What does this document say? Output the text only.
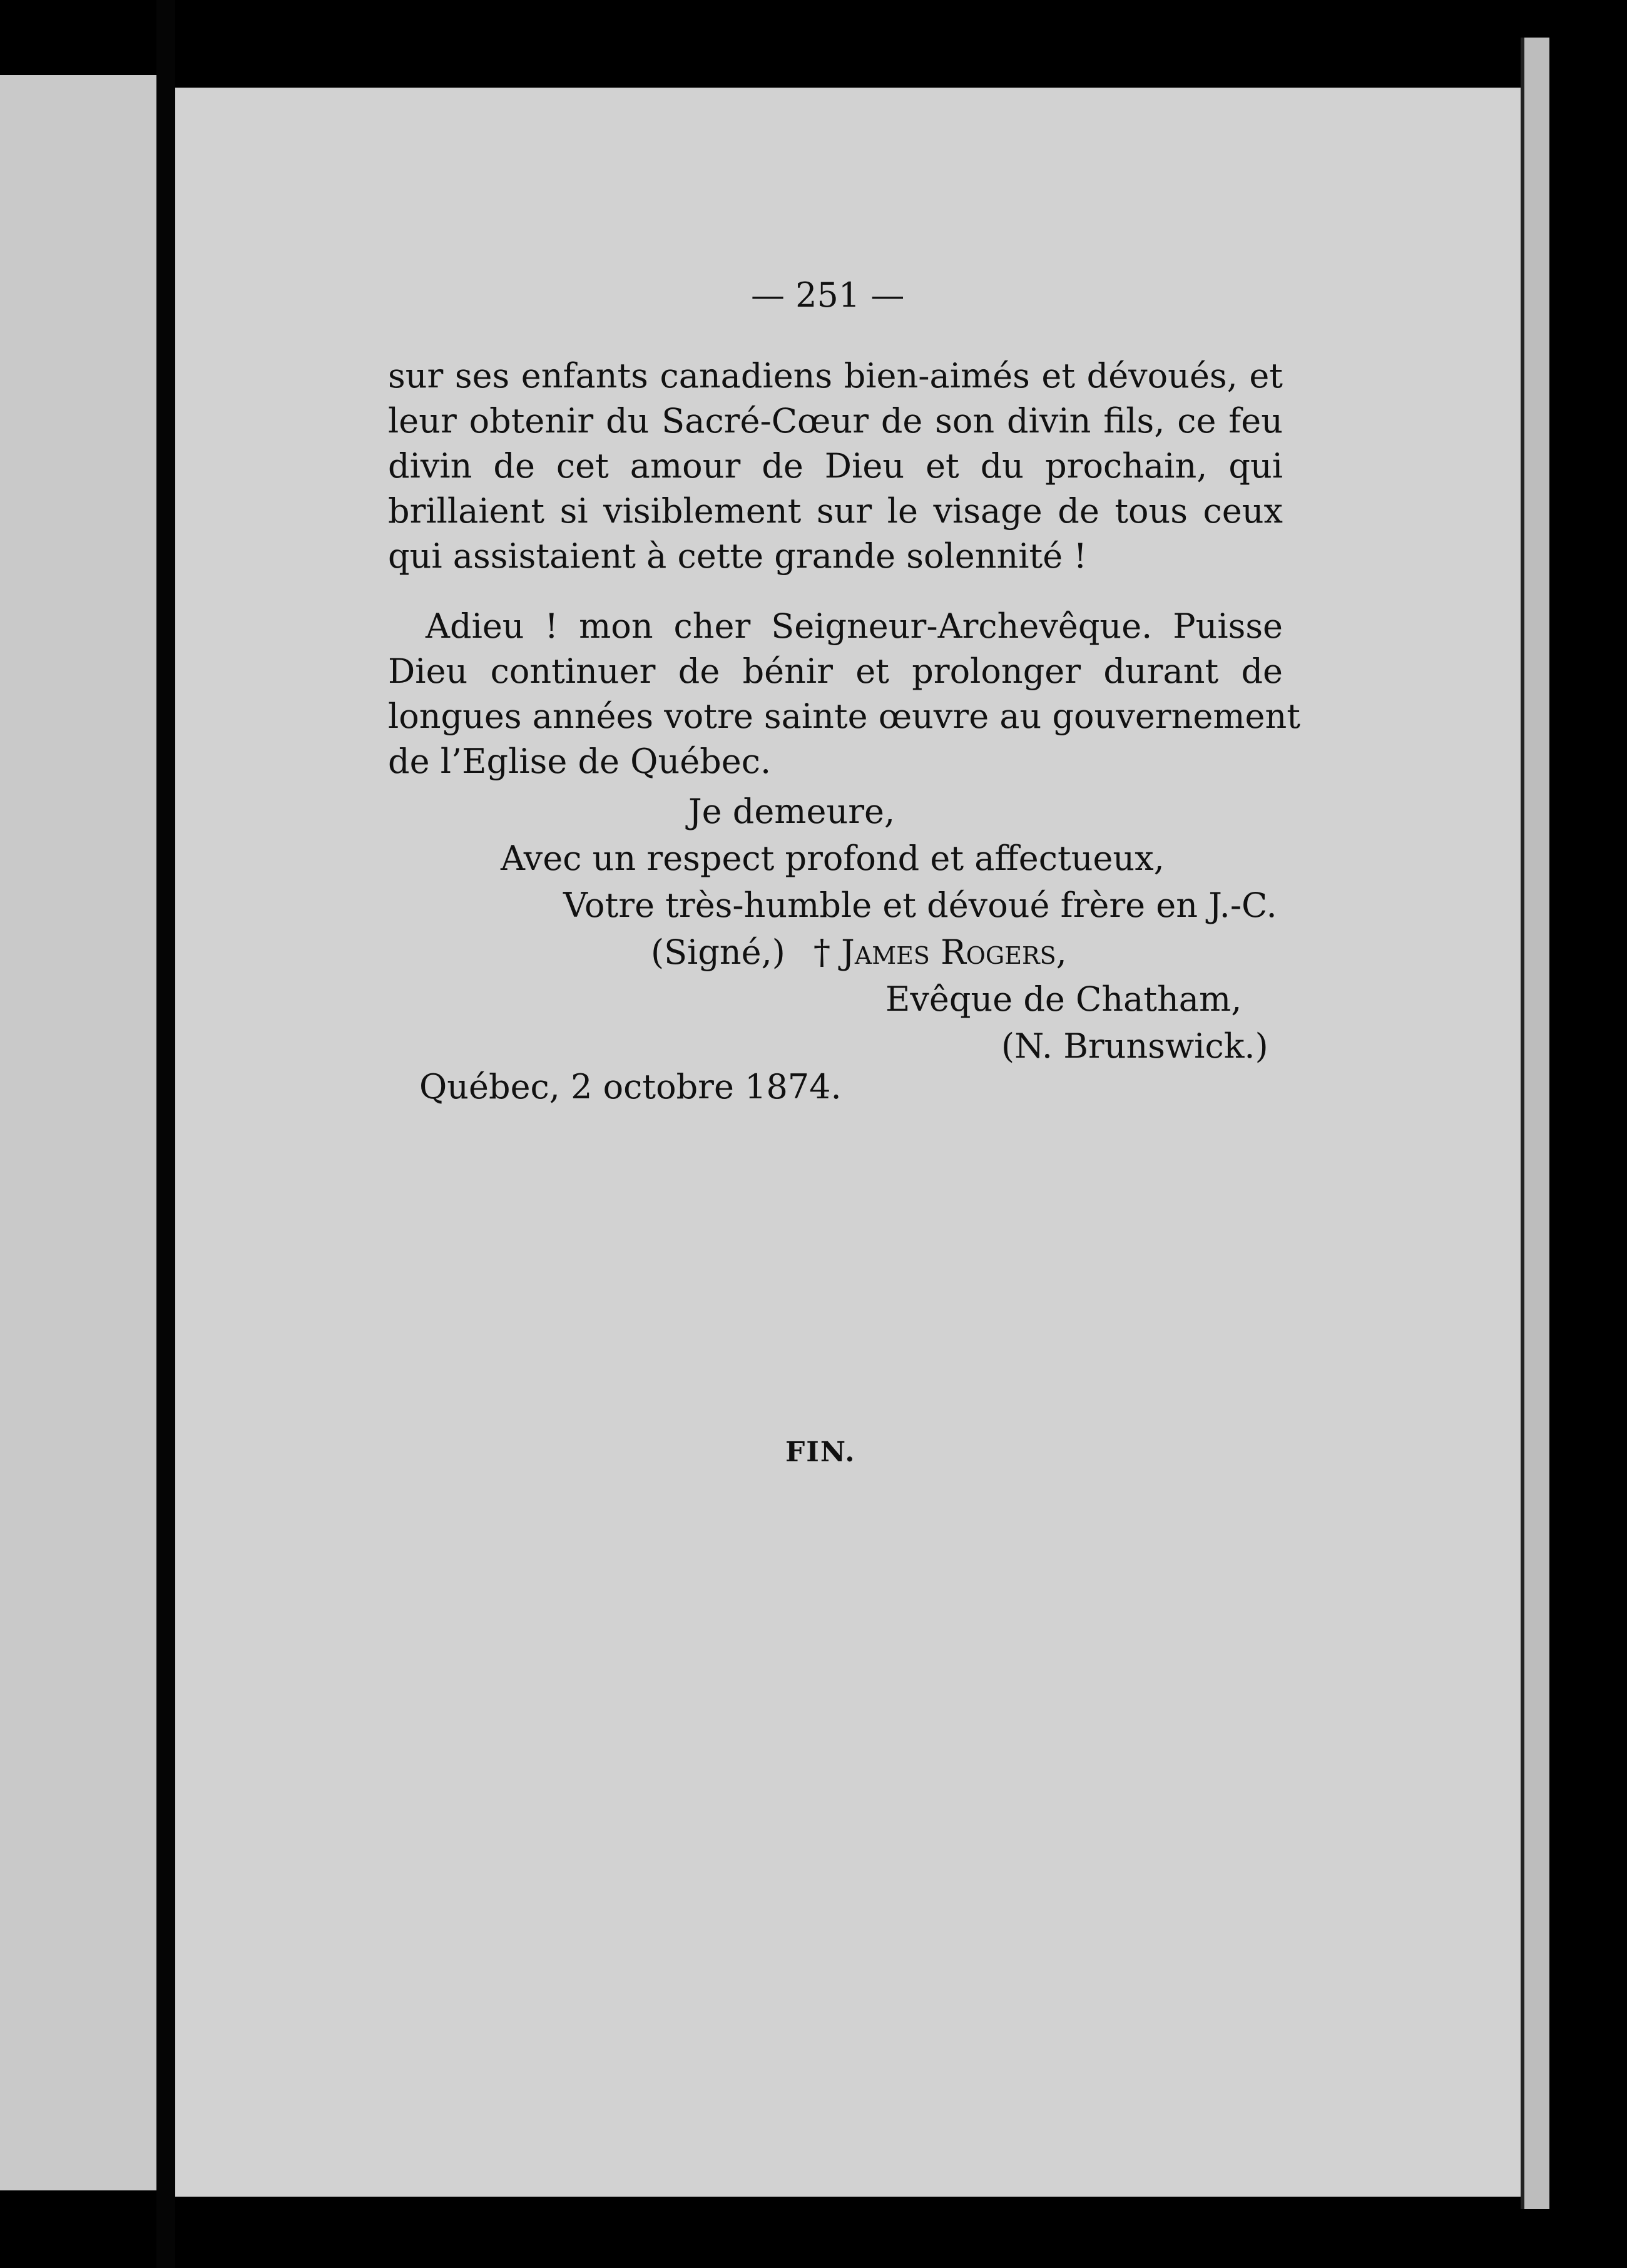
— 251 —
sur ses enfants canadiens bien-aimés et dévoués, et
leur obtenir du Sacré-Cœur de son divin fils, ce feu
divin de cet amour de Dieu et du prochain, qui
brillaient si visiblement sur le visage de tous ceux
qui assistaient à cette grande solennité !
Adieu ! mon cher Seigneur-Archevêque. Puisse
Dieu continuer de bénir et prolonger durant de
longues années votre sainte œuvre au gouvernement
de l’Eglise de Québec.
Je demeure,
Avec un respect profond et affectueux,
Votre très-humble et dévoué frère en J.-C.
(Signé,) † James Rogers,
Evêque de Chatham,
(N. Brunswick.)
Québec, 2 octobre 1874.
FIN.
